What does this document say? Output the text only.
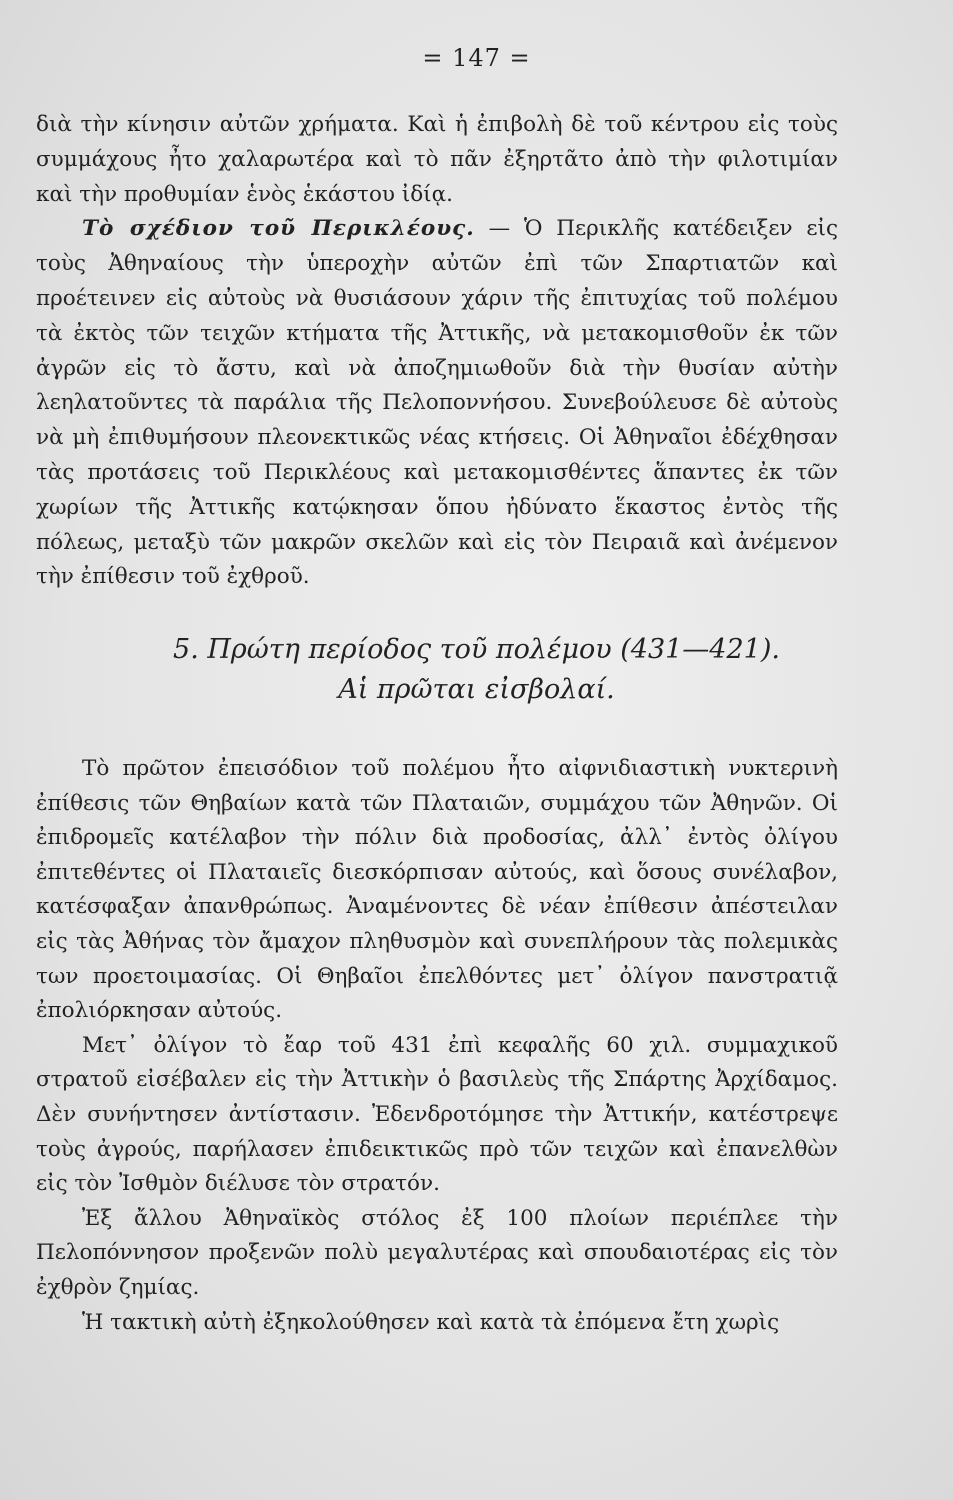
= 147 =

διὰ τὴν κίνησιν αὐτῶν χρήματα. Καὶ ἡ ἐπιβολὴ δὲ τοῦ κέντρου εἰς τοὺς συμμάχους ἦτο χαλαρωτέρα καὶ τὸ πᾶν ἐξηρτᾶτο ἀπὸ τὴν φιλοτιμίαν καὶ τὴν προθυμίαν ἑνὸς ἑκάστου ἰδίᾳ.

Τὸ σχέδιον τοῦ Περικλέους. — Ὁ Περικλῆς κατέδειξεν εἰς τοὺς Ἀθηναίους τὴν ὑπεροχὴν αὐτῶν ἐπὶ τῶν Σπαρτιατῶν καὶ προέτεινεν εἰς αὐτοὺς νὰ θυσιάσουν χάριν τῆς ἐπιτυχίας τοῦ πολέμου τὰ ἐκτὸς τῶν τειχῶν κτήματα τῆς Ἀττικῆς, νὰ μετακομισθοῦν ἐκ τῶν ἀγρῶν εἰς τὸ ἄστυ, καὶ νὰ ἀποζημιωθοῦν διὰ τὴν θυσίαν αὐτὴν λεηλατοῦντες τὰ παράλια τῆς Πελοποννήσου. Συνεβούλευσε δὲ αὐτοὺς νὰ μὴ ἐπιθυμήσουν πλεονεκτικῶς νέας κτήσεις. Οἱ Ἀθηναῖοι ἐδέχθησαν τὰς προτάσεις τοῦ Περικλέους καὶ μετακομισθέντες ἅπαντες ἐκ τῶν χωρίων τῆς Ἀττικῆς κατῴκησαν ὅπου ἠδύνατο ἕκαστος ἐντὸς τῆς πόλεως, μεταξὺ τῶν μακρῶν σκελῶν καὶ εἰς τὸν Πειραιᾶ καὶ ἀνέμενον τὴν ἐπίθεσιν τοῦ ἐχθροῦ.

5. Πρώτη περίοδος τοῦ πολέμου (431—421).
Αἱ πρῶται εἰσβολαί.

Τὸ πρῶτον ἐπεισόδιον τοῦ πολέμου ἦτο αἰφνιδιαστικὴ νυκτερινὴ ἐπίθεσις τῶν Θηβαίων κατὰ τῶν Πλαταιῶν, συμμάχου τῶν Ἀθηνῶν. Οἱ ἐπιδρομεῖς κατέλαβον τὴν πόλιν διὰ προδοσίας, ἀλλ᾿ ἐντὸς ὀλίγου ἐπιτεθέντες οἱ Πλαταιεῖς διεσκόρπισαν αὐτούς, καὶ ὅσους συνέλαβον, κατέσφαξαν ἀπανθρώπως. Ἀναμένοντες δὲ νέαν ἐπίθεσιν ἀπέστειλαν εἰς τὰς Ἀθήνας τὸν ἄμαχον πληθυσμὸν καὶ συνεπλήρουν τὰς πολεμικὰς των προετοιμασίας. Οἱ Θηβαῖοι ἐπελθόντες μετ᾿ ὀλίγον πανστρατιᾷ ἐπολιόρκησαν αὐτούς.

Μετ᾿ ὀλίγον τὸ ἔαρ τοῦ 431 ἐπὶ κεφαλῆς 60 χιλ. συμμαχικοῦ στρατοῦ εἰσέβαλεν εἰς τὴν Ἀττικὴν ὁ βασιλεὺς τῆς Σπάρτης Ἀρχίδαμος. Δὲν συνήντησεν ἀντίστασιν. Ἐδενδροτόμησε τὴν Ἀττικήν, κατέστρεψε τοὺς ἀγρούς, παρήλασεν ἐπιδεικτικῶς πρὸ τῶν τειχῶν καὶ ἐπανελθὼν εἰς τὸν Ἰσθμὸν διέλυσε τὸν στρατόν.

Ἐξ ἄλλου Ἀθηναϊκὸς στόλος ἐξ 100 πλοίων περιέπλεε τὴν Πελοπόννησον προξενῶν πολὺ μεγαλυτέρας καὶ σπουδαιοτέρας εἰς τὸν ἐχθρὸν ζημίας.

Ἡ τακτικὴ αὐτὴ ἐξηκολούθησεν καὶ κατὰ τὰ ἐπόμενα ἔτη χωρὶς
